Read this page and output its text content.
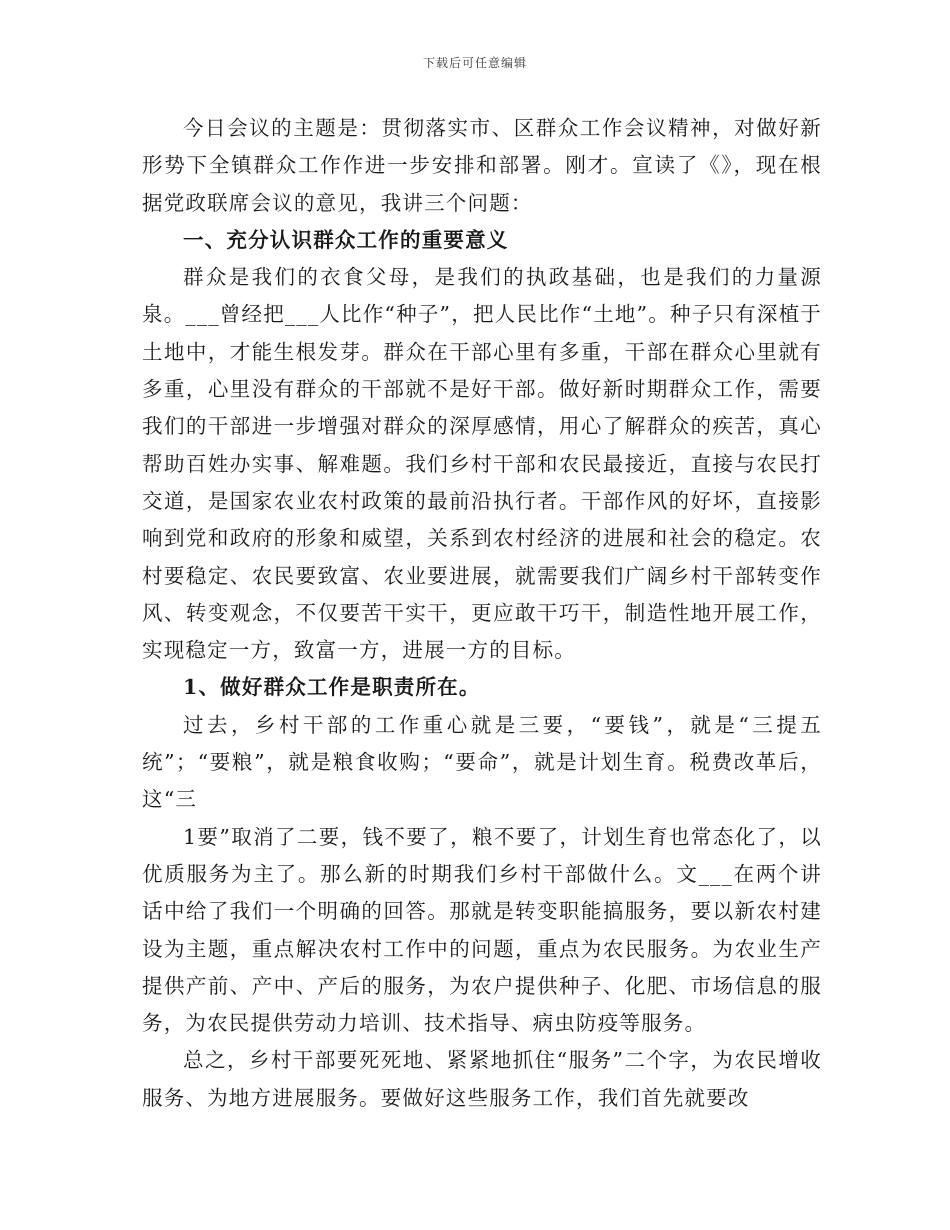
下载后可任意编辑

今日会议的主题是：贯彻落实市、区群众工作会议精神，对做好新形势下全镇群众工作作进一步安排和部署。刚才。宣读了《》，现在根据党政联席会议的意见，我讲三个问题：

一、充分认识群众工作的重要意义

群众是我们的衣食父母，是我们的执政基础，也是我们的力量源泉。___曾经把___人比作“种子”，把人民比作“土地”。种子只有深植于土地中，才能生根发芽。群众在干部心里有多重，干部在群众心里就有多重，心里没有群众的干部就不是好干部。做好新时期群众工作，需要我们的干部进一步增强对群众的深厚感情，用心了解群众的疾苦，真心帮助百姓办实事、解难题。我们乡村干部和农民最接近，直接与农民打交道，是国家农业农村政策的最前沿执行者。干部作风的好坏，直接影响到党和政府的形象和威望，关系到农村经济的进展和社会的稳定。农村要稳定、农民要致富、农业要进展，就需要我们广阔乡村干部转变作风、转变观念，不仅要苦干实干，更应敢干巧干，制造性地开展工作，实现稳定一方，致富一方，进展一方的目标。

1、做好群众工作是职责所在。

过去，乡村干部的工作重心就是三要，“要钱”，就是“三提五统”；“要粮”，就是粮食收购；“要命”，就是计划生育。税费改革后，这“三

1要”取消了二要，钱不要了，粮不要了，计划生育也常态化了，以优质服务为主了。那么新的时期我们乡村干部做什么。文___在两个讲话中给了我们一个明确的回答。那就是转变职能搞服务，要以新农村建设为主题，重点解决农村工作中的问题，重点为农民服务。为农业生产提供产前、产中、产后的服务，为农户提供种子、化肥、市场信息的服务，为农民提供劳动力培训、技术指导、病虫防疫等服务。

总之，乡村干部要死死地、紧紧地抓住“服务”二个字，为农民增收服务、为地方进展服务。要做好这些服务工作，我们首先就要改
